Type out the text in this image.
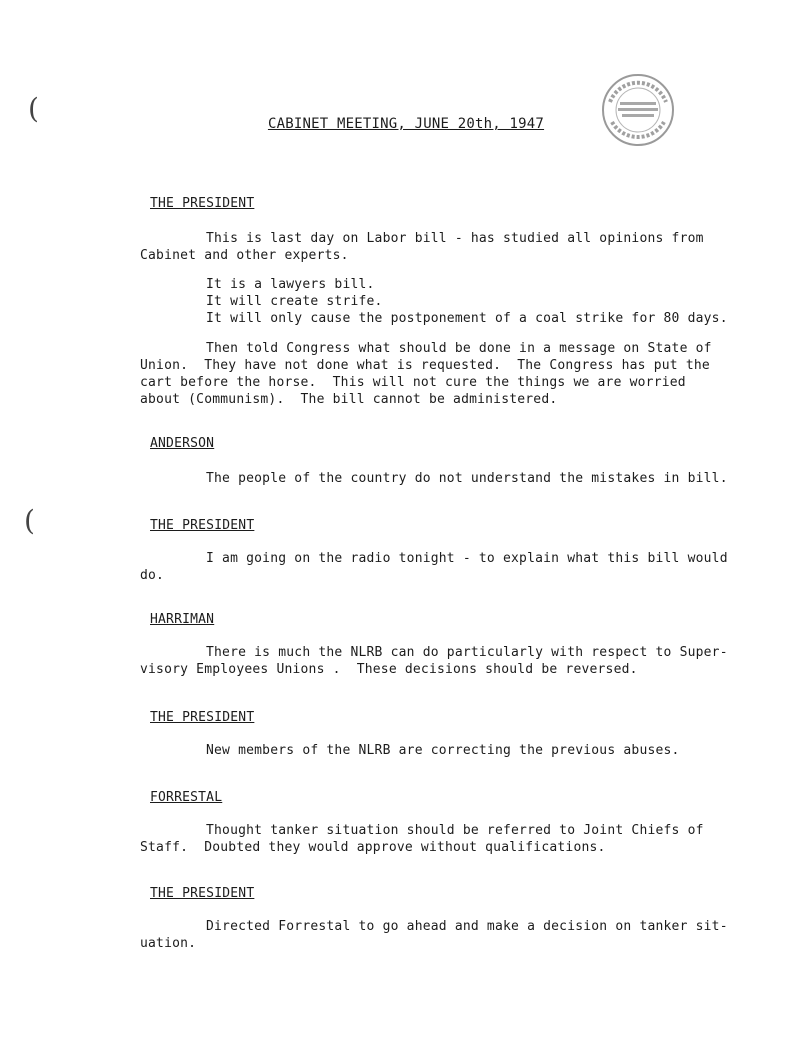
(
(
CABINET MEETING, JUNE 20th, 1947
THE PRESIDENT
This is last day on Labor bill - has studied all opinions from
Cabinet and other experts.
It is a lawyers bill.
It will create strife.
It will only cause the postponement of a coal strike for 80 days.
Then told Congress what should be done in a message on State of
Union.  They have not done what is requested.  The Congress has put the
cart before the horse.  This will not cure the things we are worried
about (Communism).  The bill cannot be administered.
ANDERSON
The people of the country do not understand the mistakes in bill.
THE PRESIDENT
I am going on the radio tonight - to explain what this bill would
do.
HARRIMAN
There is much the NLRB can do particularly with respect to Super-
visory Employees Unions .  These decisions should be reversed.
THE PRESIDENT
New members of the NLRB are correcting the previous abuses.
FORRESTAL
Thought tanker situation should be referred to Joint Chiefs of
Staff.  Doubted they would approve without qualifications.
THE PRESIDENT
Directed Forrestal to go ahead and make a decision on tanker sit-
uation.
